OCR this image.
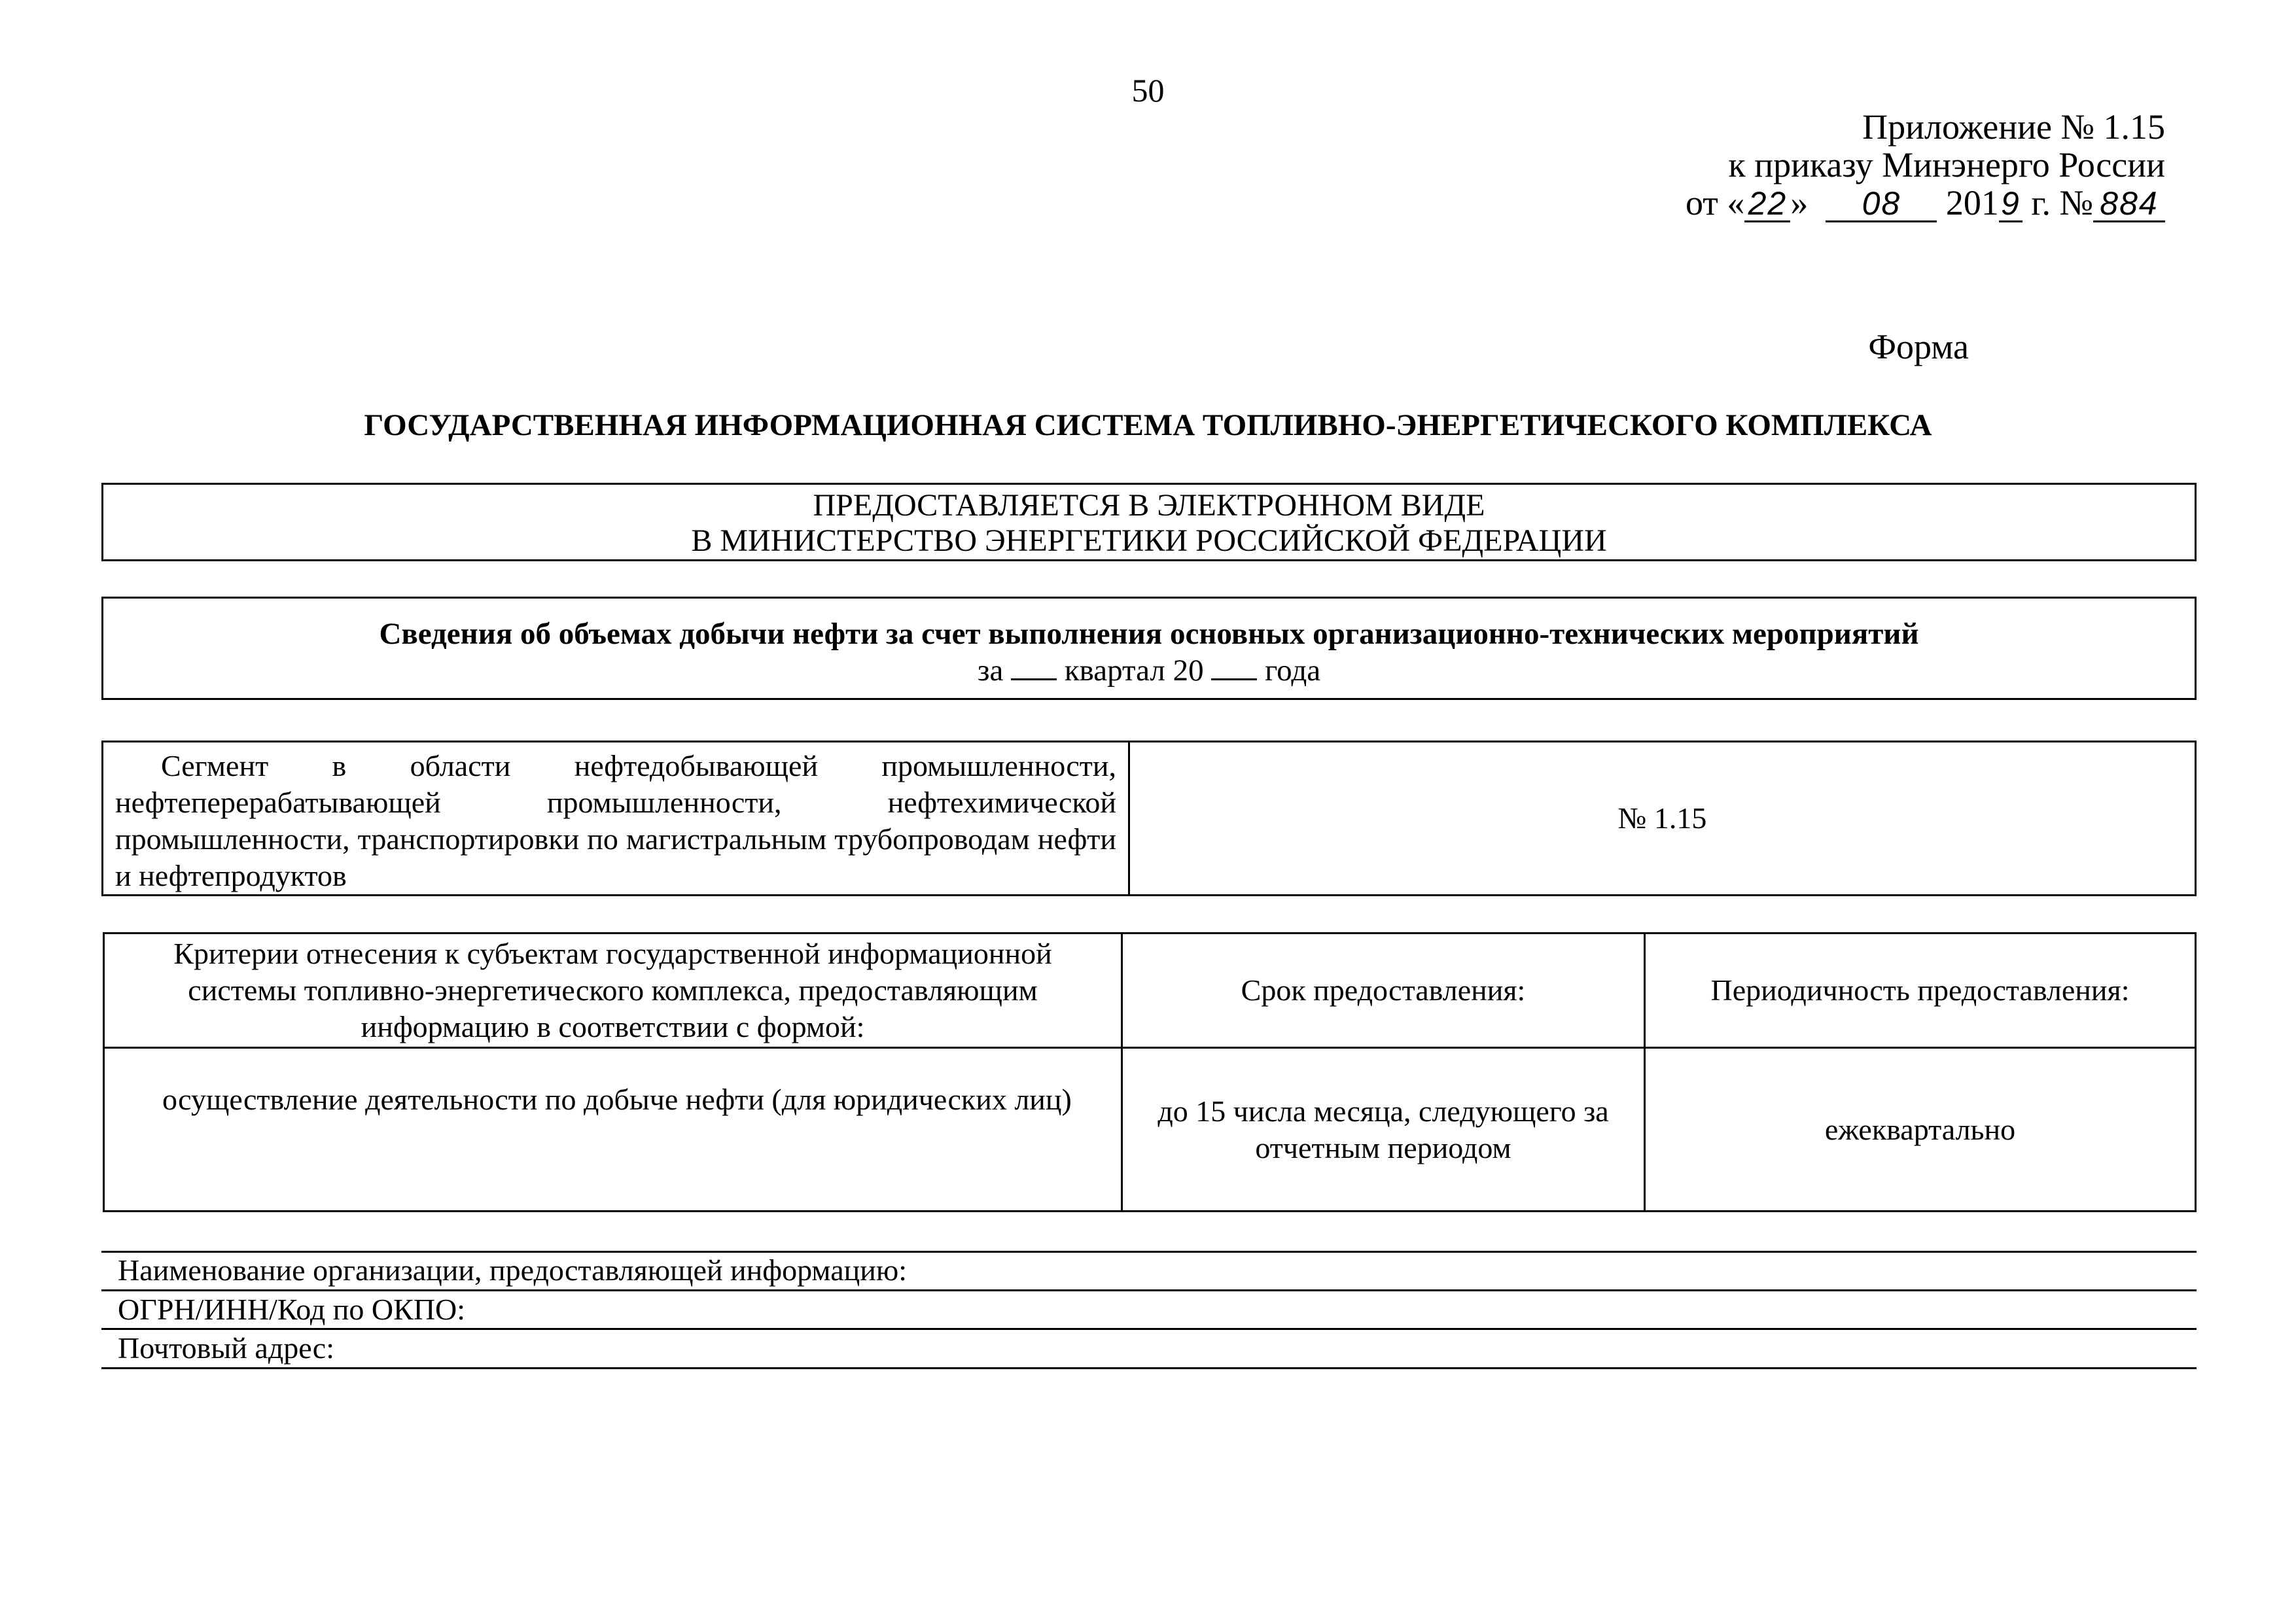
50
Приложение № 1.15
к приказу Минэнерго России
от « 22» 08 2019 г. № 884
Форма
ГОСУДАРСТВЕННАЯ ИНФОРМАЦИОННАЯ СИСТЕМА ТОПЛИВНО-ЭНЕРГЕТИЧЕСКОГО КОМПЛЕКСА
ПРЕДОСТАВЛЯЕТСЯ В ЭЛЕКТРОННОМ ВИДЕ
В МИНИСТЕРСТВО ЭНЕРГЕТИКИ РОССИЙСКОЙ ФЕДЕРАЦИИ
Сведения об объемах добычи нефти за счет выполнения основных организационно-технических мероприятий
за квартал 20 года
Сегмент в области нефтедобывающей промышленности, нефтеперерабатывающей промышленности, нефтехимической промышленности, транспортировки по магистральным трубопроводам нефти и нефтепродуктов	№ 1.15
Критерии отнесения к субъектам государственной информационной системы топливно-энергетического комплекса, предоставляющим информацию в соответствии с формой:	Срок предоставления:	Периодичность предоставления:
осуществление деятельности по добыче нефти (для юридических лиц)	до 15 числа месяца, следующего за отчетным периодом	ежеквартально
Наименование организации, предоставляющей информацию:
ОГРН/ИНН/Код по ОКПО:
Почтовый адрес:
